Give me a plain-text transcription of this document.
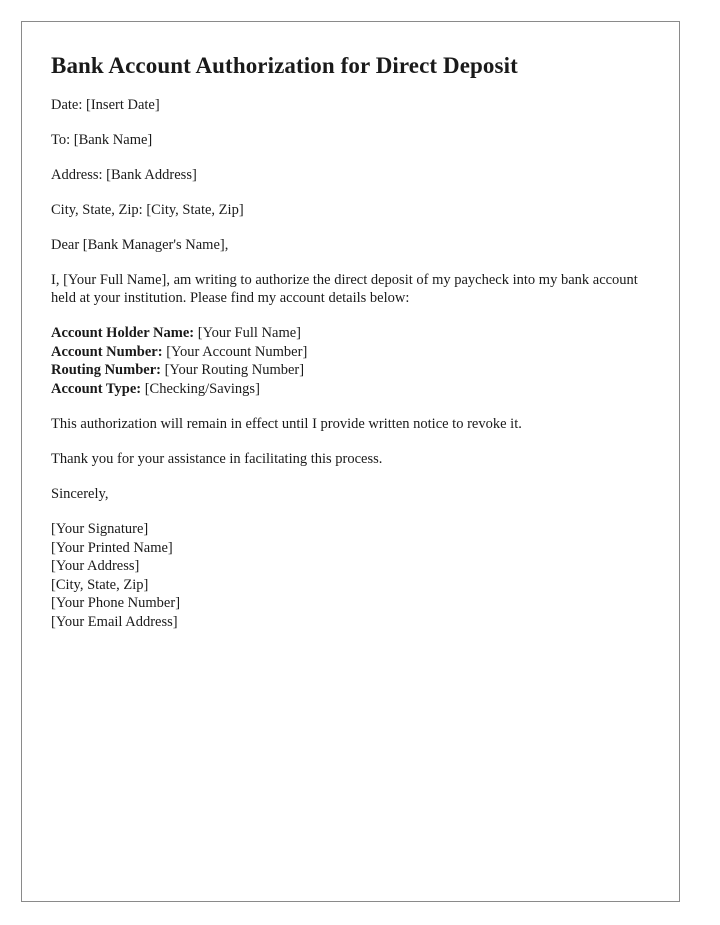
Bank Account Authorization for Direct Deposit

Date: [Insert Date]

To: [Bank Name]

Address: [Bank Address]

City, State, Zip: [City, State, Zip]

Dear [Bank Manager's Name],

I, [Your Full Name], am writing to authorize the direct deposit of my paycheck into my bank account held at your institution. Please find my account details below:

Account Holder Name: [Your Full Name]
Account Number: [Your Account Number]
Routing Number: [Your Routing Number]
Account Type: [Checking/Savings]

This authorization will remain in effect until I provide written notice to revoke it.

Thank you for your assistance in facilitating this process.

Sincerely,

[Your Signature]
[Your Printed Name]
[Your Address]
[City, State, Zip]
[Your Phone Number]
[Your Email Address]
